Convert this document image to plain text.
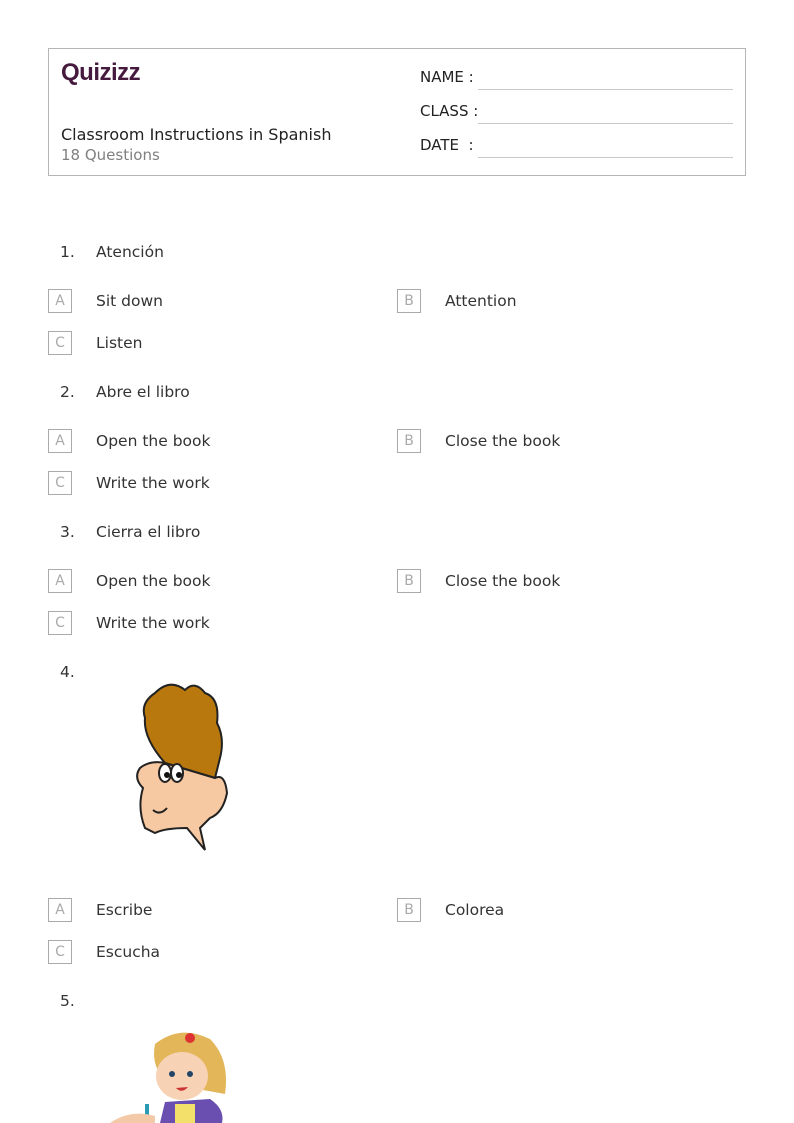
Quizizz
Classroom Instructions in Spanish
18 Questions
NAME :
CLASS :
DATE  :
1. Atención
A	Sit down	B	Attention
C	Listen
2. Abre el libro
A	Open the book	B	Close the book
C	Write the work
3. Cierra el libro
A	Open the book	B	Close the book
C	Write the work
4.
A	Escribe	B	Colorea
C	Escucha
5.
